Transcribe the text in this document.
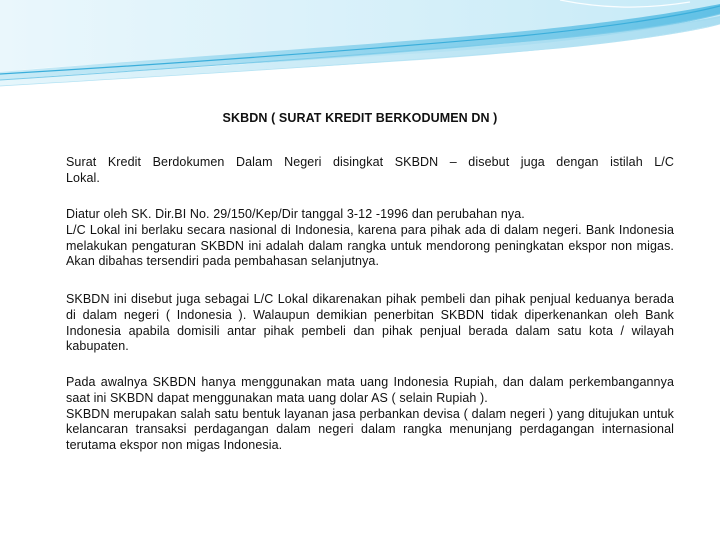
SKBDN ( SURAT KREDIT BERKODUMEN DN )

Surat Kredit Berdokumen Dalam Negeri disingkat SKBDN – disebut juga dengan istilah L/C

Lokal.

Diatur oleh SK. Dir.BI No. 29/150/Kep/Dir tanggal 3-12 -1996 dan perubahan nya.

L/C Lokal ini berlaku secara nasional di Indonesia, karena para pihak ada di dalam negeri. Bank Indonesia melakukan pengaturan SKBDN ini adalah dalam rangka untuk mendorong peningkatan ekspor non migas. Akan dibahas tersendiri pada pembahasan selanjutnya.

SKBDN ini disebut juga sebagai L/C Lokal dikarenakan pihak pembeli dan pihak penjual keduanya berada di dalam negeri ( Indonesia ). Walaupun demikian penerbitan SKBDN tidak diperkenankan oleh Bank Indonesia apabila domisili antar pihak pembeli dan pihak penjual berada dalam satu kota / wilayah kabupaten.

Pada awalnya SKBDN hanya menggunakan mata uang Indonesia Rupiah, dan dalam perkembangannya saat ini SKBDN dapat menggunakan mata uang dolar AS ( selain Rupiah ).

SKBDN merupakan salah satu bentuk layanan jasa perbankan devisa ( dalam negeri ) yang ditujukan untuk kelancaran transaksi perdagangan dalam negeri dalam rangka menunjang perdagangan internasional terutama ekspor non migas Indonesia.
